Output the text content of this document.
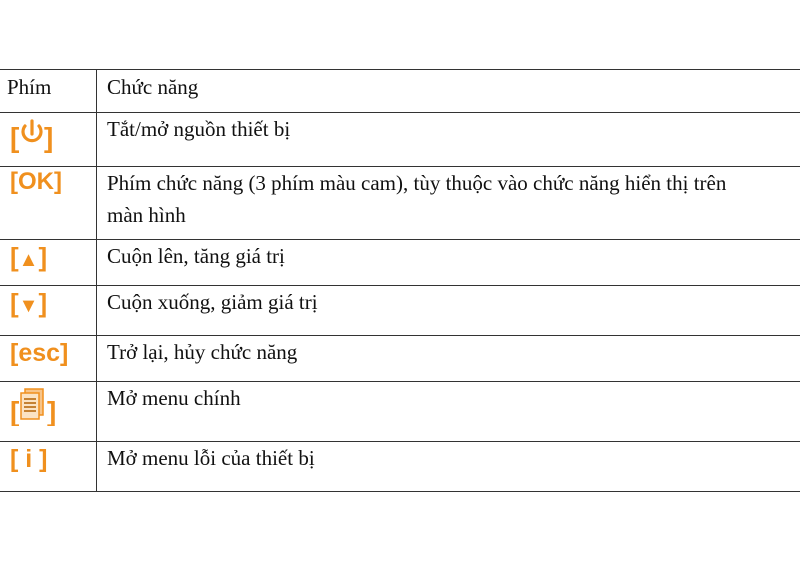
Phím	Chức năng

[ ]	Tắt/mở nguồn thiết bị

[OK]	Phím chức năng (3 phím màu cam), tùy thuộc vào chức năng hiển thị trên màn hình

[▲]	Cuộn lên, tăng giá trị

[▼]	Cuộn xuống, giảm giá trị

[esc]	Trở lại, hủy chức năng

[ ]	Mở menu chính

[ i ]	Mở menu lỗi của thiết bị
